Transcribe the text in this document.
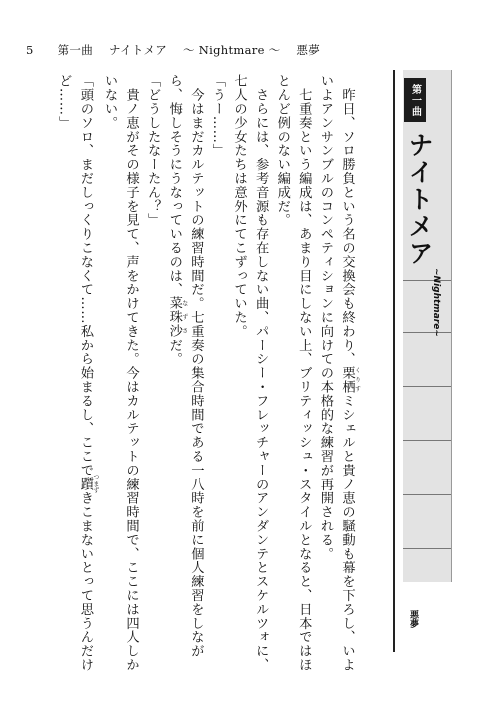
5 第一曲 ナイトメア 〜 Nightmare 〜 悪夢

　昨日、ソロ勝負という名の交換会も終わり、栗栖 くりすミシェルと貴ノ恵の騒動も幕を下ろし、いよいよアンサンブルのコンペティションに向けての本格的な練習が再開される。

　七重奏という編成は、あまり目にしない上、ブリティッシュ・スタイルとなると、日本ではほとんど例のない編成だ。

　さらには、参考音源も存在しない曲、パーシー・フレッチャーのアンダンテとスケルツォに、七人の少女たちは意外にてこずっていた。

「うー……」

　今はまだカルテットの練習時間だ。七重奏の集合時間である一八時を前に個人練習をしながら、悔しそうにうなっているのは、菜珠沙 なずさだ。

「どうしたなーたん？」

　貴ノ恵がその様子を見て、声をかけてきた。今はカルテットの練習時間で、ここには四人しかいない。

「頭のソロ、まだしっくりこなくて……私から始まるし、ここで躓 つまずきこまないとって思うんだけど……」	第一曲
ナイトメア
~Nightmare~
悪夢
